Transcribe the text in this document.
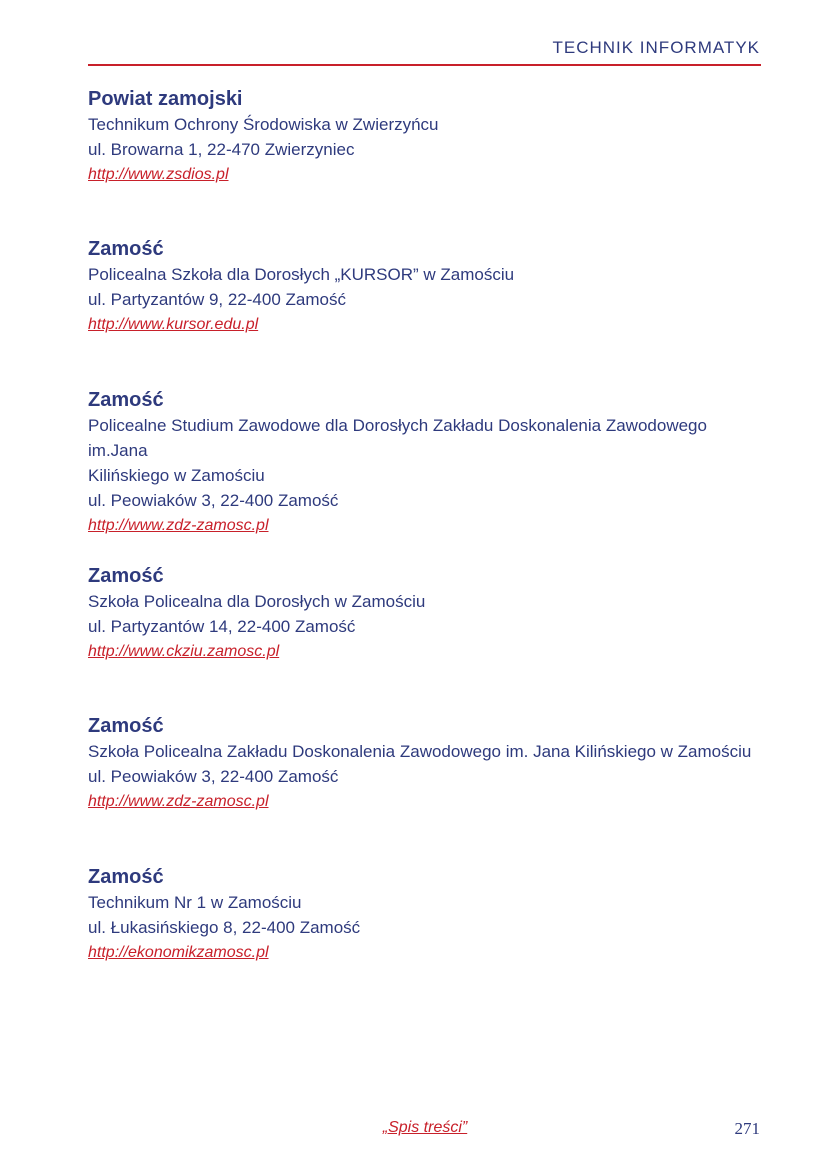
TECHNIK INFORMATYK
Powiat zamojski
Technikum Ochrony Środowiska w Zwierzyńcu
ul. Browarna 1, 22-470 Zwierzyniec
http://www.zsdios.pl
Zamość
Policealna Szkoła dla Dorosłych „KURSOR” w Zamościu
ul. Partyzantów 9, 22-400 Zamość
http://www.kursor.edu.pl
Zamość
Policealne Studium Zawodowe dla Dorosłych Zakładu Doskonalenia Zawodowego im.Jana
Kilińskiego w Zamościu
ul. Peowiaków 3, 22-400 Zamość
http://www.zdz-zamosc.pl
Zamość
Szkoła Policealna dla Dorosłych w Zamościu
ul. Partyzantów 14, 22-400 Zamość
http://www.ckziu.zamosc.pl
Zamość
Szkoła Policealna Zakładu Doskonalenia Zawodowego im. Jana Kilińskiego w Zamościu
ul. Peowiaków 3, 22-400 Zamość
http://www.zdz-zamosc.pl
Zamość
Technikum Nr 1 w Zamościu
ul. Łukasińskiego 8, 22-400 Zamość
http://ekonomikzamosc.pl
„Spis treści”	271
